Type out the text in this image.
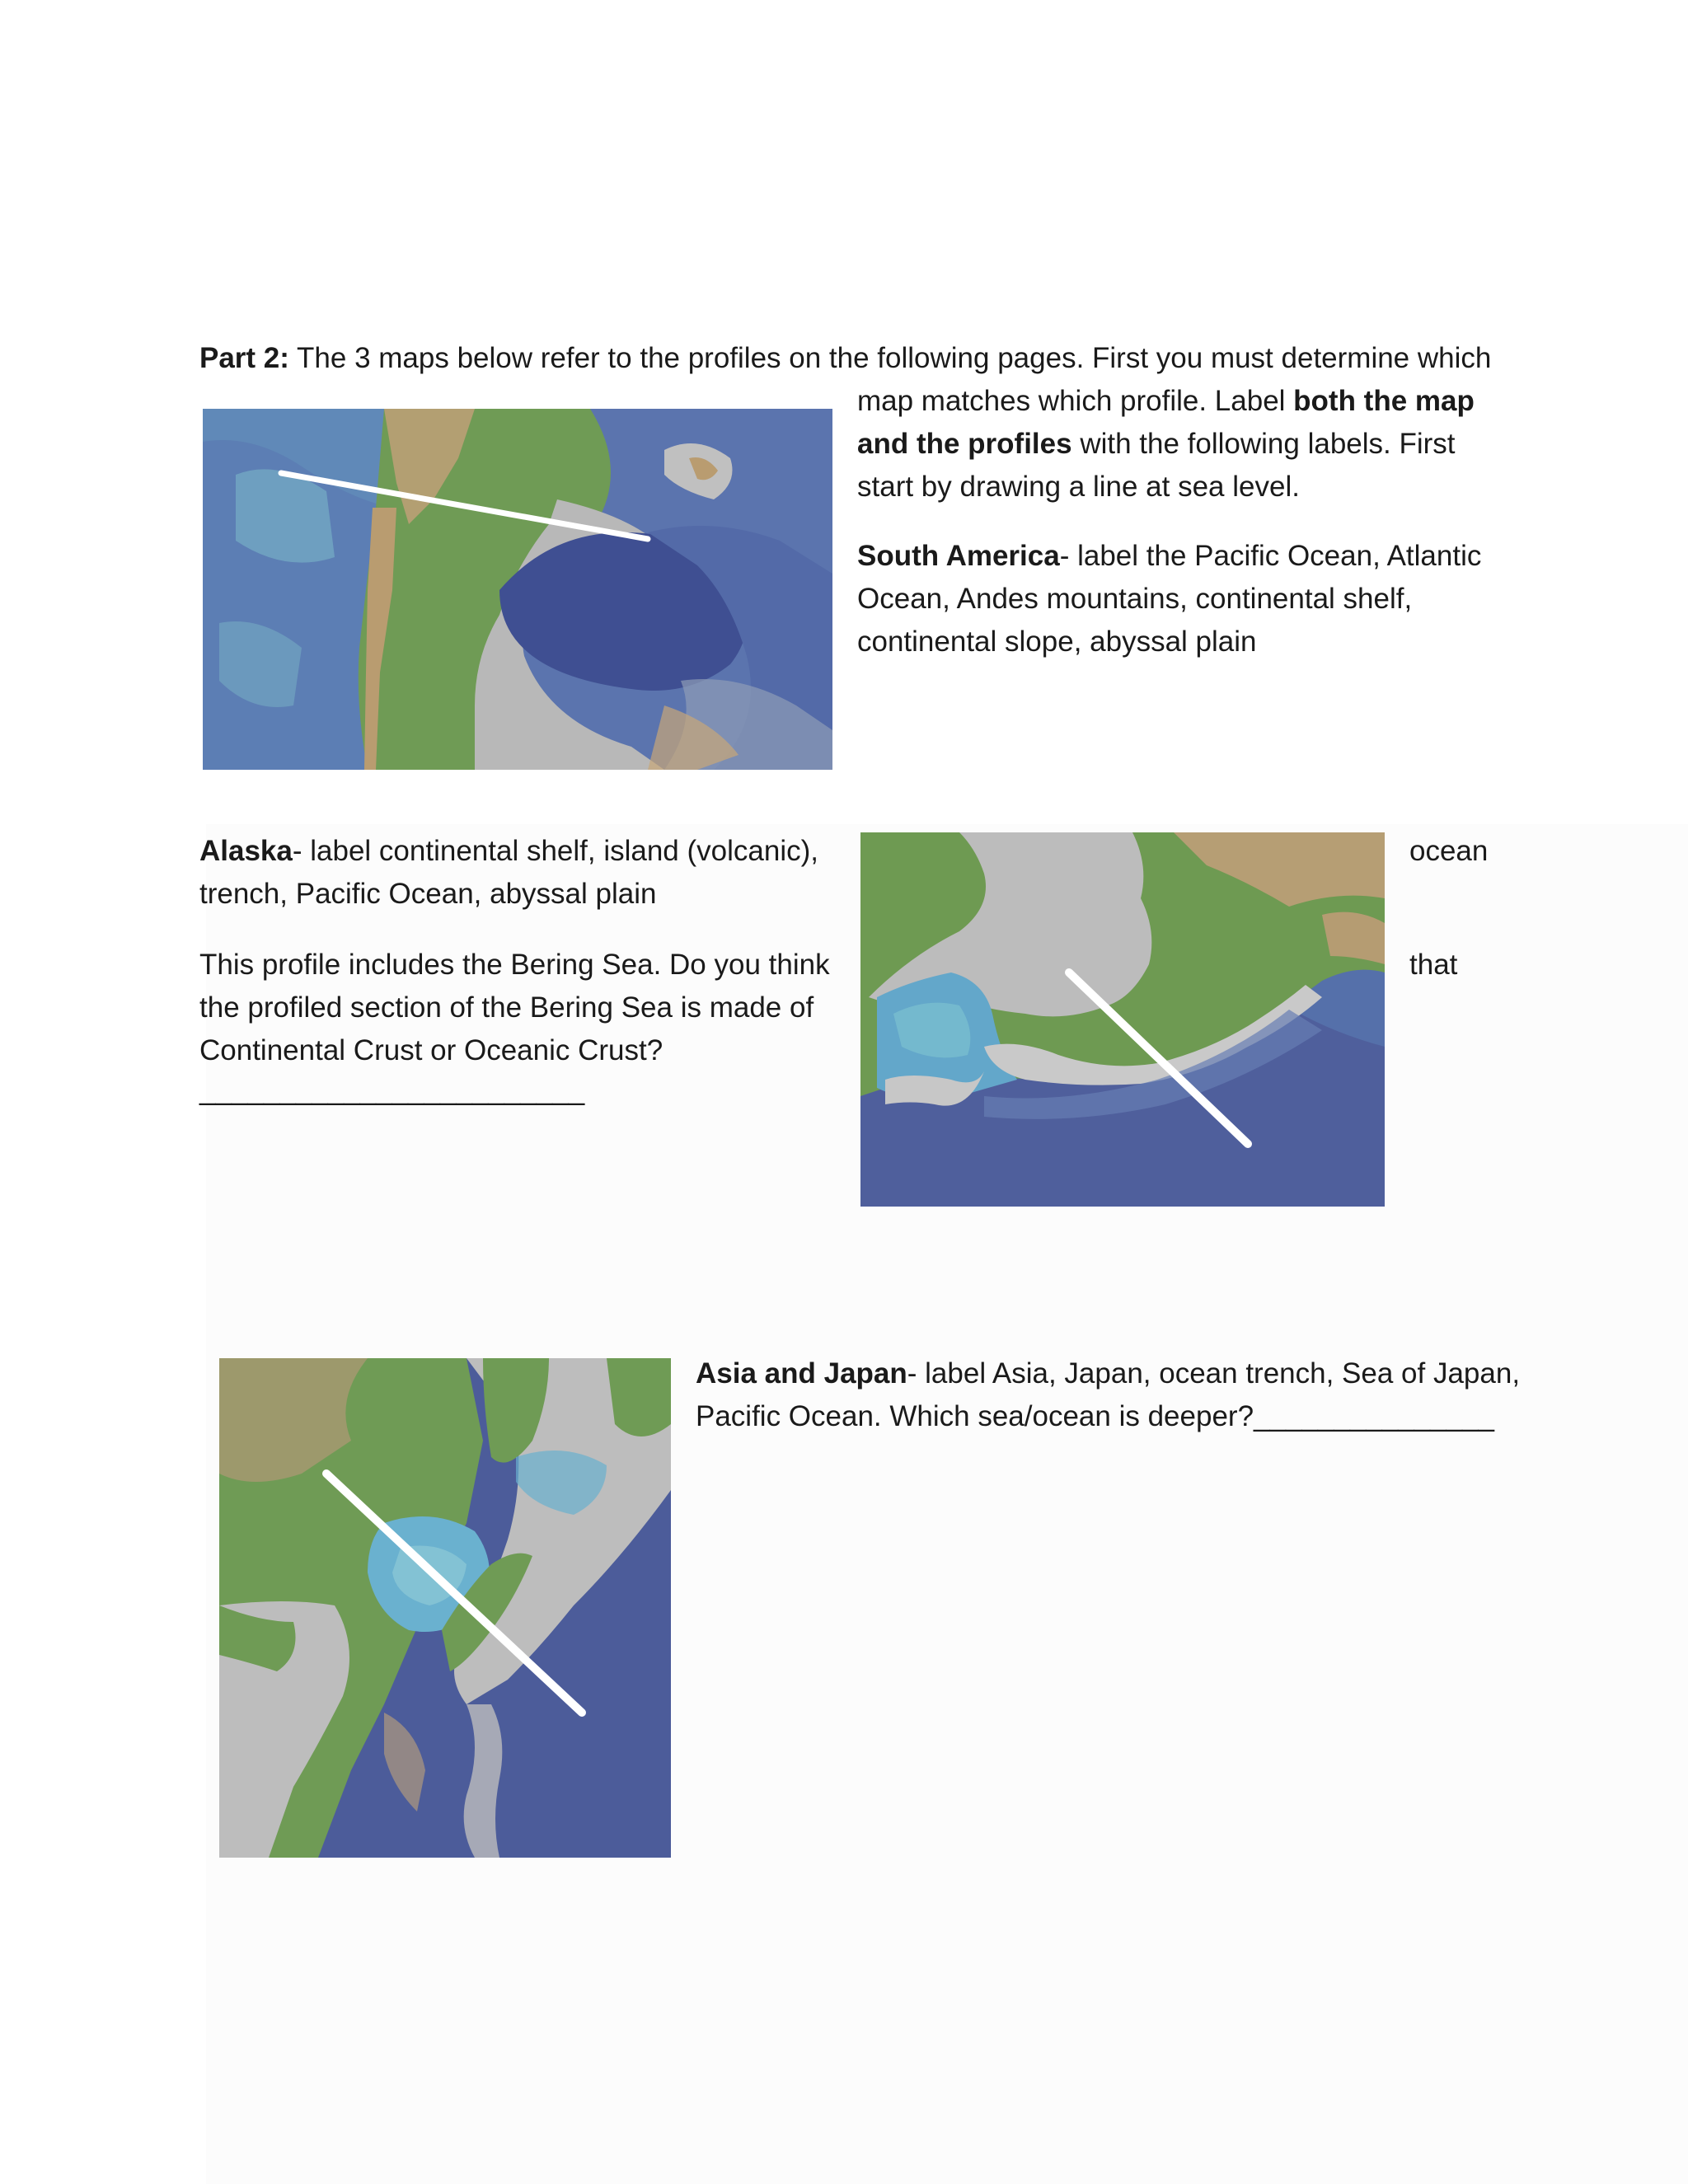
Part 2: The 3 maps below refer to the profiles on the following pages. First you must determine which
map matches which profile. Label both the map
and the profiles with the following labels. First
start by drawing a line at sea level.
South America- label the Pacific Ocean, Atlantic
Ocean, Andes mountains, continental shelf,
continental slope, abyssal plain
Alaska- label continental shelf, island (volcanic),
trench, Pacific Ocean, abyssal plain
ocean
that
This profile includes the Bering Sea. Do you think
the profiled section of the Bering Sea is made of
Continental Crust or Oceanic Crust?
________________________
Asia and Japan- label Asia, Japan, ocean trench, Sea of Japan,
Pacific Ocean. Which sea/ocean is deeper?_______________
